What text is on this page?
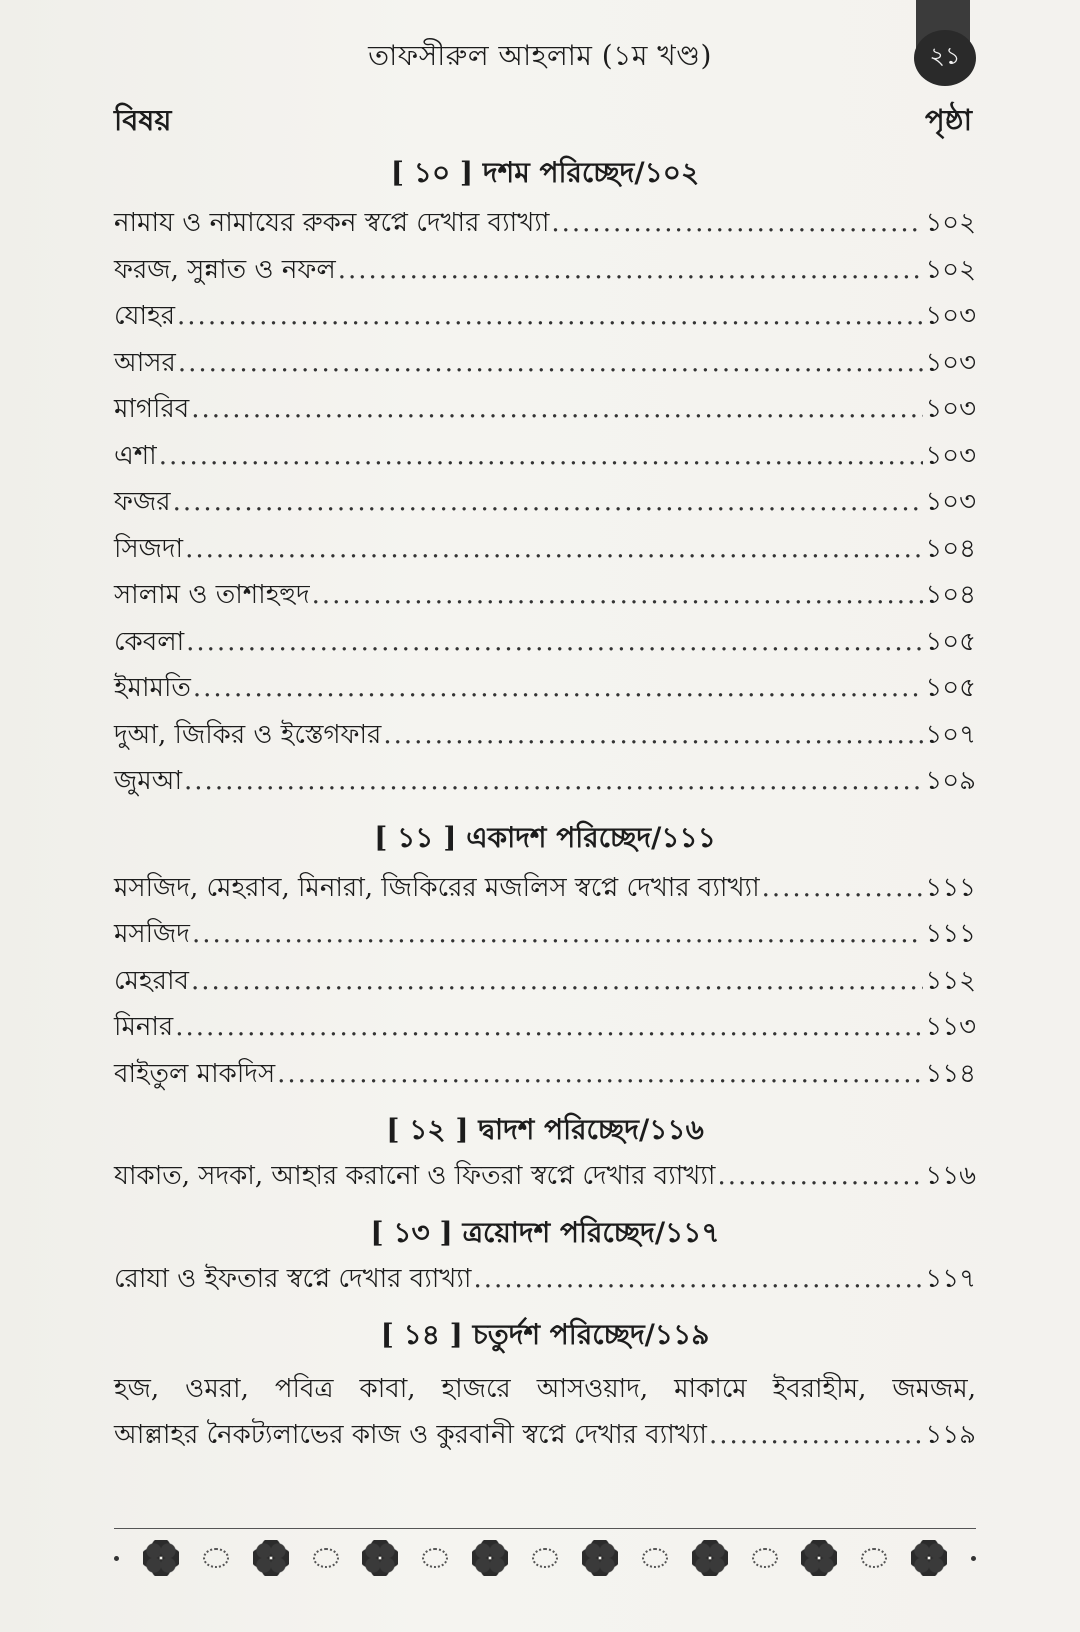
২১
তাফসীরুল আহলাম (১ম খণ্ড)
বিষয়	পৃষ্ঠা
[ ১০ ] দশম পরিচ্ছেদ/১০২
নামায ও নামাযের রুকন স্বপ্নে দেখার ব্যাখ্যা .....	১০২
ফরজ, সুন্নাত ও নফল .....	১০২
যোহর .....	১০৩
আসর .....	১০৩
মাগরিব .....	১০৩
এশা .....	১০৩
ফজর .....	১০৩
সিজদা .....	১০৪
সালাম ও তাশাহহুদ .....	১০৪
কেবলা .....	১০৫
ইমামতি .....	১০৫
দুআ, জিকির ও ইস্তেগফার .....	১০৭
জুমআ .....	১০৯
[ ১১ ] একাদশ পরিচ্ছেদ/১১১
মসজিদ, মেহরাব, মিনারা, জিকিরের মজলিস স্বপ্নে দেখার ব্যাখ্যা .....	১১১
মসজিদ .....	১১১
মেহরাব .....	১১২
মিনার .....	১১৩
বাইতুল মাকদিস .....	১১৪
[ ১২ ] দ্বাদশ পরিচ্ছেদ/১১৬
যাকাত, সদকা, আহার করানো ও ফিতরা স্বপ্নে দেখার ব্যাখ্যা .....	১১৬
[ ১৩ ] ত্রয়োদশ পরিচ্ছেদ/১১৭
রোযা ও ইফতার স্বপ্নে দেখার ব্যাখ্যা .....	১১৭
[ ১৪ ] চতুর্দশ পরিচ্ছেদ/১১৯
হজ, ওমরা, পবিত্র কাবা, হাজরে আসওয়াদ, মাকামে ইবরাহীম, জমজম,
আল্লাহর নৈকট্যলাভের কাজ ও কুরবানী স্বপ্নে দেখার ব্যাখ্যা .....	১১৯
